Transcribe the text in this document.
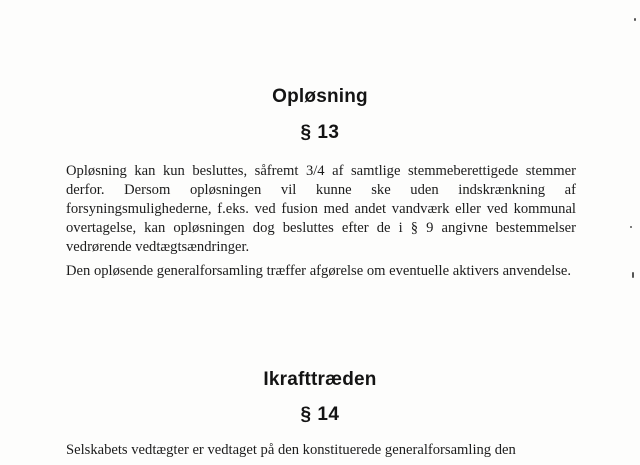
Opløsning
§ 13

Opløsning kan kun besluttes, såfremt 3/4 af samtlige stemmeberettigede stemmer derfor. Dersom opløsningen vil kunne ske uden indskrænkning af forsyningsmulighederne, f.eks. ved fusion med andet vandværk eller ved kommunal overtagelse, kan opløsningen dog besluttes efter de i § 9 angivne bestemmelser vedrørende vedtægtsændringer.

Den opløsende generalforsamling træffer afgørelse om eventuelle aktivers anvendelse.

Ikrafttræden
§ 14

Selskabets vedtægter er vedtaget på den konstituerede generalforsamling den
